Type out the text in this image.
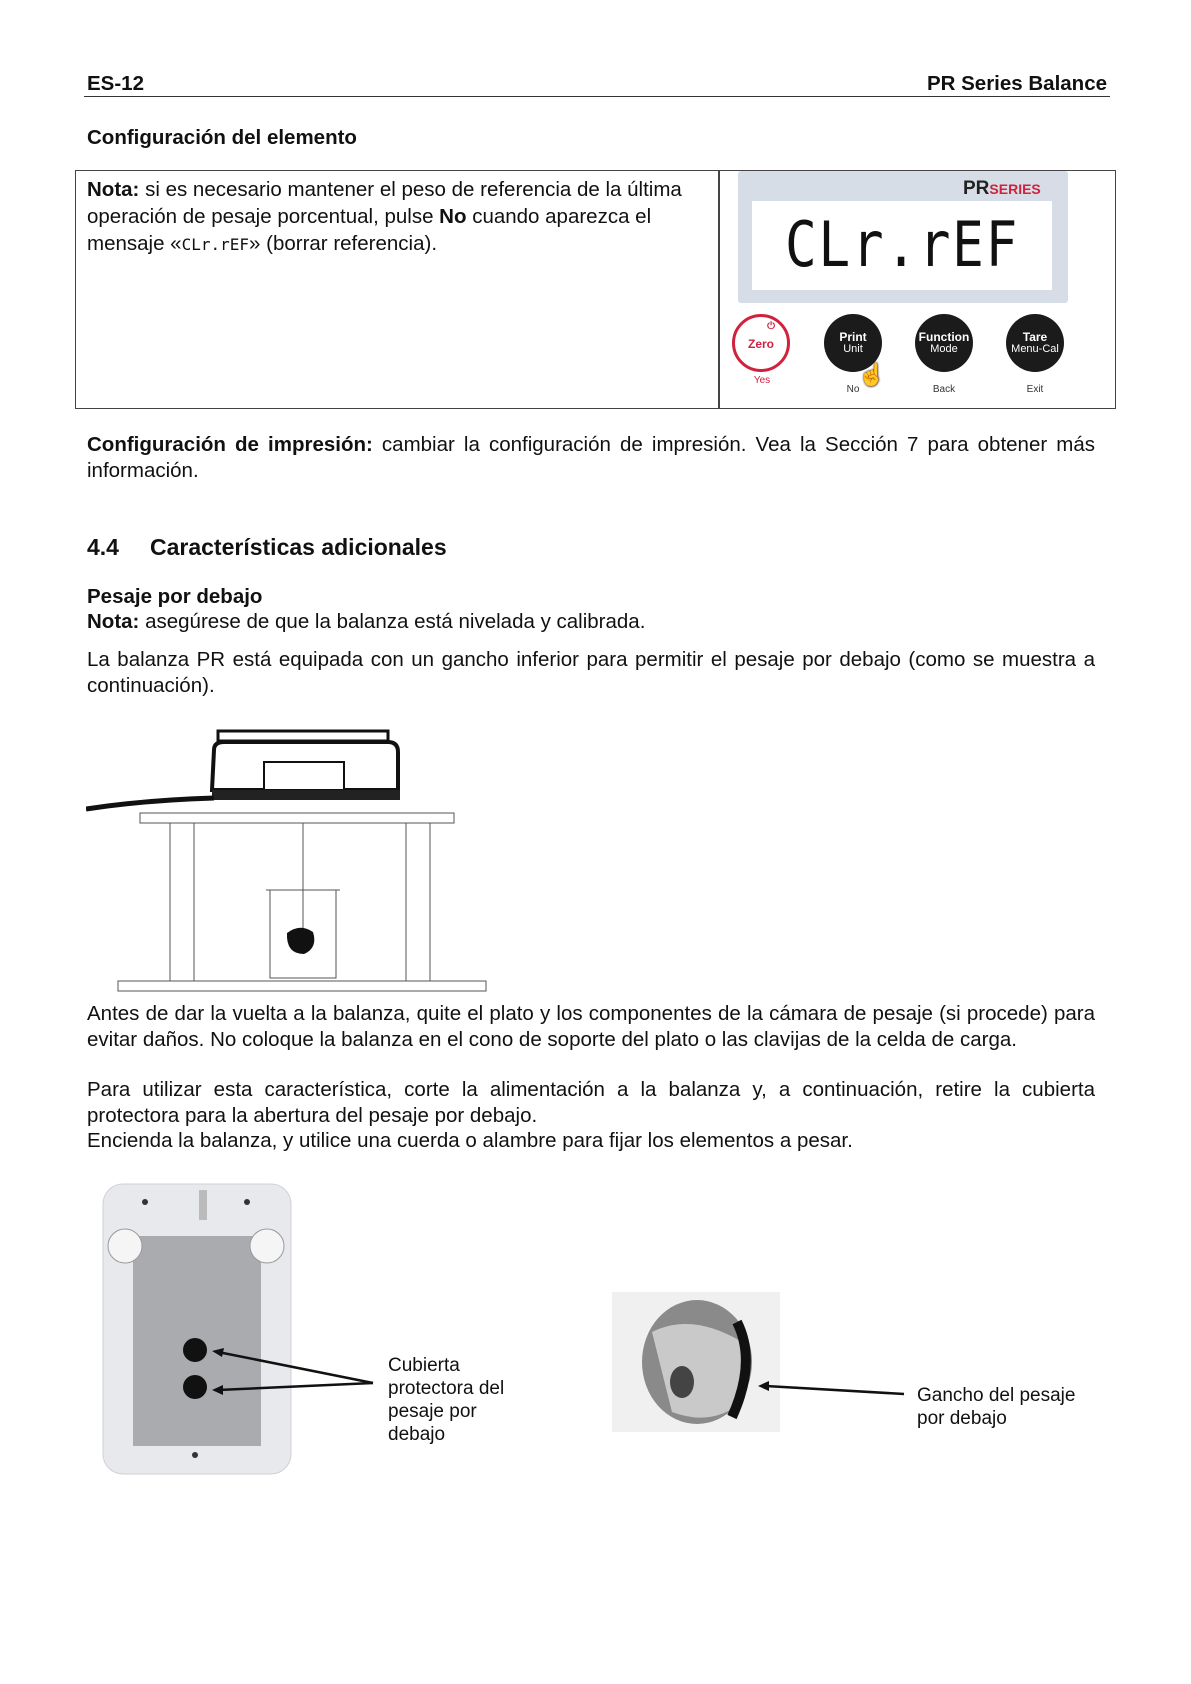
ES-12	PR Series Balance
Configuración del elemento
Nota: si es necesario mantener el peso de referencia de la última operación de pesaje porcentual, pulse No cuando aparezca el mensaje «CLr.rEF» (borrar referencia).
PRSERIES
CLr.rEF
Zero
⏻
Yes
Print
Unit
No
☝
Function
Mode
Back
Tare
Menu-Cal
Exit
Configuración de impresión: cambiar la configuración de impresión. Vea la Sección 7 para obtener más información.
4.4 Características adicionales
Pesaje por debajo
Nota: asegúrese de que la balanza está nivelada y calibrada.
La balanza PR está equipada con un gancho inferior para permitir el pesaje por debajo (como se muestra a continuación).
Antes de dar la vuelta a la balanza, quite el plato y los componentes de la cámara de pesaje (si procede) para evitar daños. No coloque la balanza en el cono de soporte del plato o las clavijas de la celda de carga.
Para utilizar esta característica, corte la alimentación a la balanza y, a continuación, retire la cubierta protectora para la abertura del pesaje por debajo.
Encienda la balanza, y utilice una cuerda o alambre para fijar los elementos a pesar.
Cubierta protectora del pesaje por debajo
Gancho del pesaje por debajo
